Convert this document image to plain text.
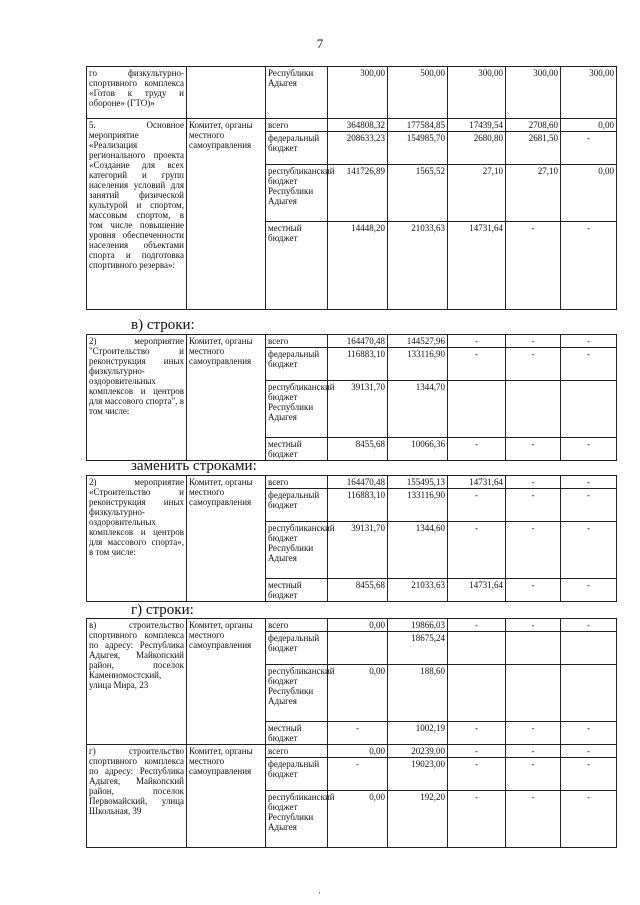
7
го физкультурно-спортивного комплекса «Готов к труду и обороне» (ГТО)»		Республики Адыгея	300,00	500,00	300,00	300,00	300,00
5. Основное мероприятие «Реализация регионального проекта «Создание для всех категорий и групп населения условий для занятий физической культурой и спортом, массовым спортом, в том числе повышение уровня обеспеченности населения объектами спорта и подготовка спортивного резерва»:	Комитет, органы местного самоуправления	всего	364808,32	177584,85	17439,54	2708,60	0,00
		федеральный бюджет	208633,23	154985,70	2680,80	2681,50	-
		республиканский бюджет Республики Адыгея	141726,89	1565,52	27,10	27,10	0,00
		местный бюджет	14448,20	21033,63	14731,64	-	-
2) мероприятие "Строительство и реконструкция иных физкультурно-оздоровительных комплексов и центров для массового спорта", в том числе:	Комитет, органы местного самоуправления	всего	164470,48	144527,96	-	-	-
		федеральный бюджет	116883,10	133116,90	-	-	-
		республиканский бюджет Республики Адыгея	39131,70	1344,70			
		местный бюджет	8455,68	10066,36	-	-	-
2) мероприятие «Строительство и реконструкция иных физкультурно-оздоровительных комплексов и центров для массового спорта», в том числе:	Комитет, органы местного самоуправления	всего	164470,48	155495,13	14731,64	-	-
		федеральный бюджет	116883,10	133116,90	-	-	-
		республиканский бюджет Республики Адыгея	39131,70	1344,60	-	-	-
		местный бюджет	8455,68	21033,63	14731,64	-	-
в) строительство спортивного комплекса по адресу: Республика Адыгея, Майкопский район, поселок Каменномостский, улица Мира, 23	Комитет, органы местного самоуправления	всего	0,00	19866,03	-	-	-
		федеральный бюджет		18675,24			
		республиканский бюджет Республики Адыгея	0,00	188,60			
		местный бюджет	-	1002,19	-	-	-
г) строительство спортивного комплекса по адресу: Республика Адыгея, Майкопский район, поселок Первомайский, улица Школьная, 39	Комитет, органы местного самоуправления	всего	0,00	20239,00	-	-	-
		федеральный бюджет	-	19023,00	-	-	-
		республиканский бюджет Республики Адыгея	0,00	192,20	-	-	-
в) строки:
заменить строками:
г) строки:
·
